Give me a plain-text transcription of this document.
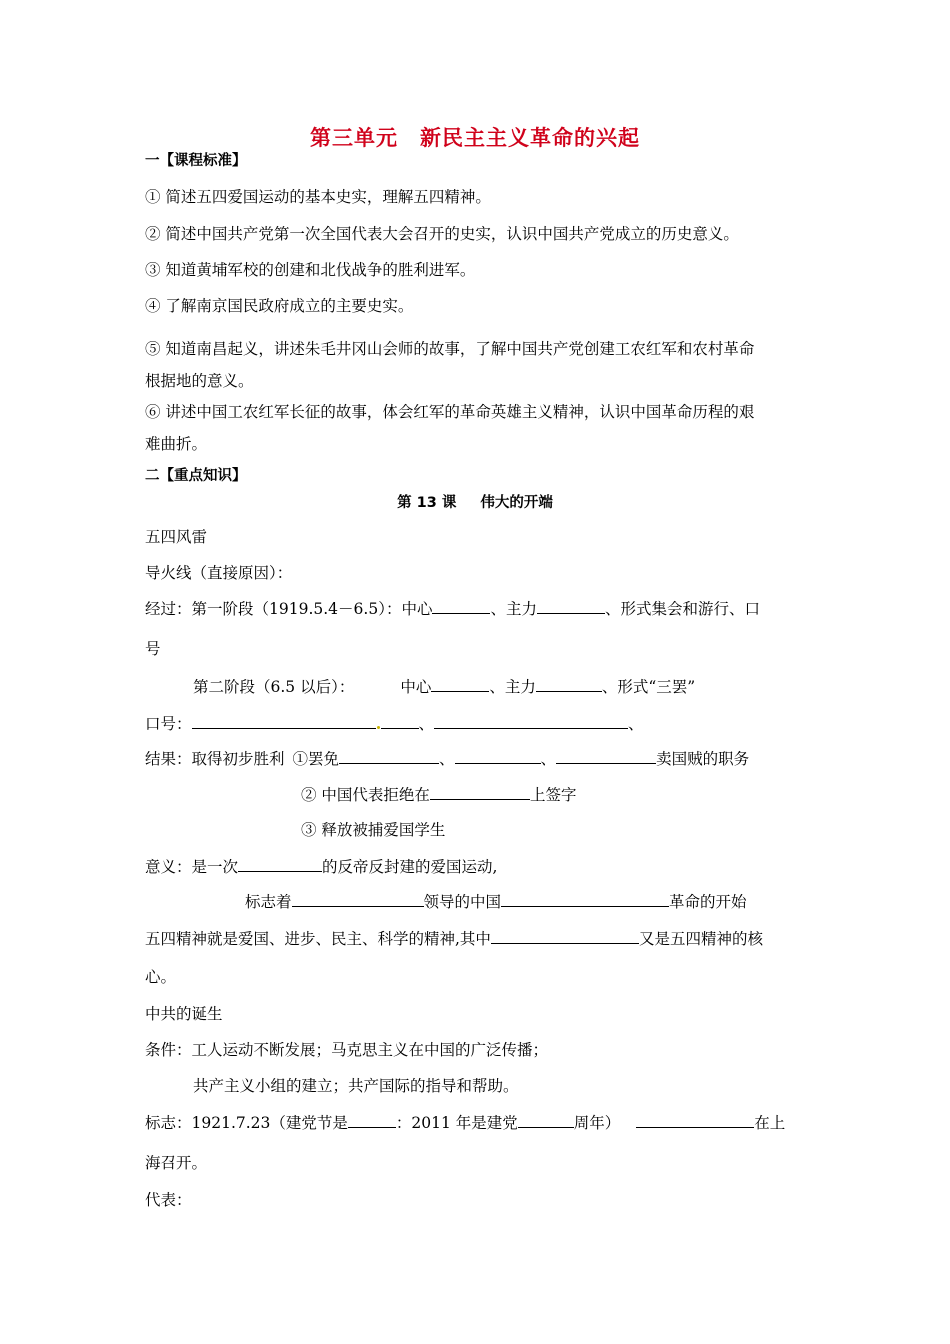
第三单元 新民主主义革命的兴起
一【课程标准】
① 简述五四爱国运动的基本史实，理解五四精神。
② 简述中国共产党第一次全国代表大会召开的史实，认识中国共产党成立的历史意义。
③ 知道黄埔军校的创建和北伐战争的胜利进军。
④ 了解南京国民政府成立的主要史实。
⑤ 知道南昌起义，讲述朱毛井冈山会师的故事，了解中国共产党创建工农红军和农村革命
根据地的意义。
⑥ 讲述中国工农红军长征的故事，体会红军的革命英雄主义精神，认识中国革命历程的艰
难曲折。
二【重点知识】
第 13 课 伟大的开端
五四风雷
导火线（直接原因）：
经过：第一阶段（1919.5.4－6.5）：中心	、主力	、形式集会和游行、口
号
第二阶段（6.5 以后）：	中心	、主力	、形式“三罢”
口号：	、	、
结果：取得初步胜利 ①罢免	、	、	卖国贼的职务
② 中国代表拒绝在	上签字
③ 释放被捕爱国学生
意义：是一次	的反帝反封建的爱国运动,
标志着	领导的中国	革命的开始
五四精神就是爱国、进步、民主、科学的精神,其中	又是五四精神的核
心。
中共的诞生
条件：工人运动不断发展；马克思主义在中国的广泛传播；
共产主义小组的建立；共产国际的指导和帮助。
标志：1921.7.23（建党节是	：2011 年是建党	周年）	在上
海召开。
代表：
